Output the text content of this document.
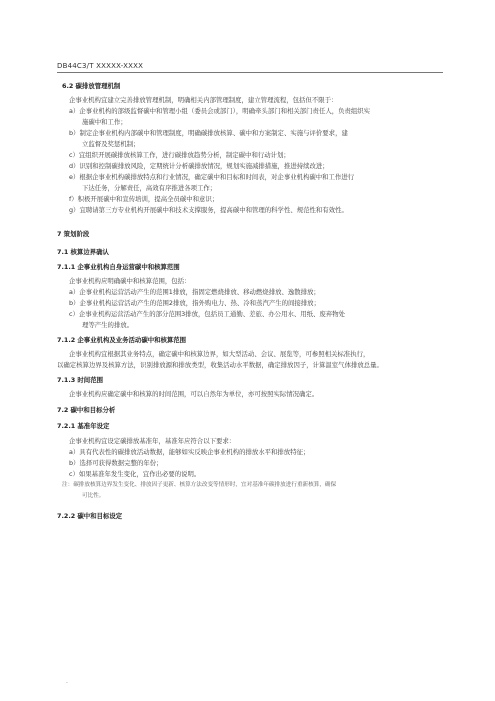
DB44C3/T XXXXX-XXXX
6.2 碳排放管理机制
企事业机构宜建立完善排放管理机制，明确相关内部管理制度，建立管理流程，包括但不限于：
a）企事业机构的部级监督碳中和管理小组（委员会或部门），明确牵头部门和相关部门责任人，负责组织实
施碳中和工作；
b）制定企事业机构内部碳中和管理制度，明确碳排放核算、碳中和方案制定、实施与评价要求，建
立监督及奖惩机制；
c）宜组织开展碳排放核算工作，进行碳排放趋势分析，制定碳中和行动计划；
d）识别和控制碳排放风险，定期统计分析碳排放情况，规划实施减排措施，推进持续改进；
e）根据企事业机构碳排放特点和行业情况，确定碳中和目标和时间表，对企事业机构碳中和工作进行
下达任务，分解责任，高效有序推进各项工作；
f）积极开展碳中和宣传培训，提高全员碳中和意识；
g）宜聘请第三方专业机构开展碳中和技术支撑服务，提高碳中和管理的科学性、规范性和有效性。
7 策划阶段
7.1 核算边界确认
7.1.1 企事业机构自身运营碳中和核算范围
企事业机构应明确碳中和核算范围，包括：
a）企事业机构运营活动产生的范围1排放，指固定燃烧排放、移动燃烧排放、逸散排放；
b）企事业机构运营活动产生的范围2排放，指外购电力、热、冷和蒸汽产生的间接排放；
c）企事业机构运营活动产生的部分范围3排放，包括员工通勤、差旅、办公用水、用纸、废弃物处
理等产生的排放。
7.1.2 企事业机构及业务活动碳中和核算范围
企事业机构宜根据其业务特点，确定碳中和核算边界，如大型活动、会议、展览等，可参照相关标准执行，
以确定核算边界及核算方法，识别排放源和排放类型，收集活动水平数据，确定排放因子，计算温室气体排放总量。
7.1.3 时间范围
企事业机构应确定碳中和核算的时间范围，可以自然年为单位，亦可按照实际情况确定。
7.2 碳中和目标分析
7.2.1 基准年设定
企事业机构宜设定碳排放基准年，基准年应符合以下要求：
a）具有代表性的碳排放活动数据，能够如实反映企事业机构的排放水平和排放特征；
b）选择可获得数据完整的年份；
c）如果基准年发生变化，宜作出必要的说明。
注：碳排放核算边界发生变化、排放因子更新、核算方法改变等情形时，宜对基准年碳排放进行重新核算，确保
可比性。
7.2.2 碳中和目标设定
·
